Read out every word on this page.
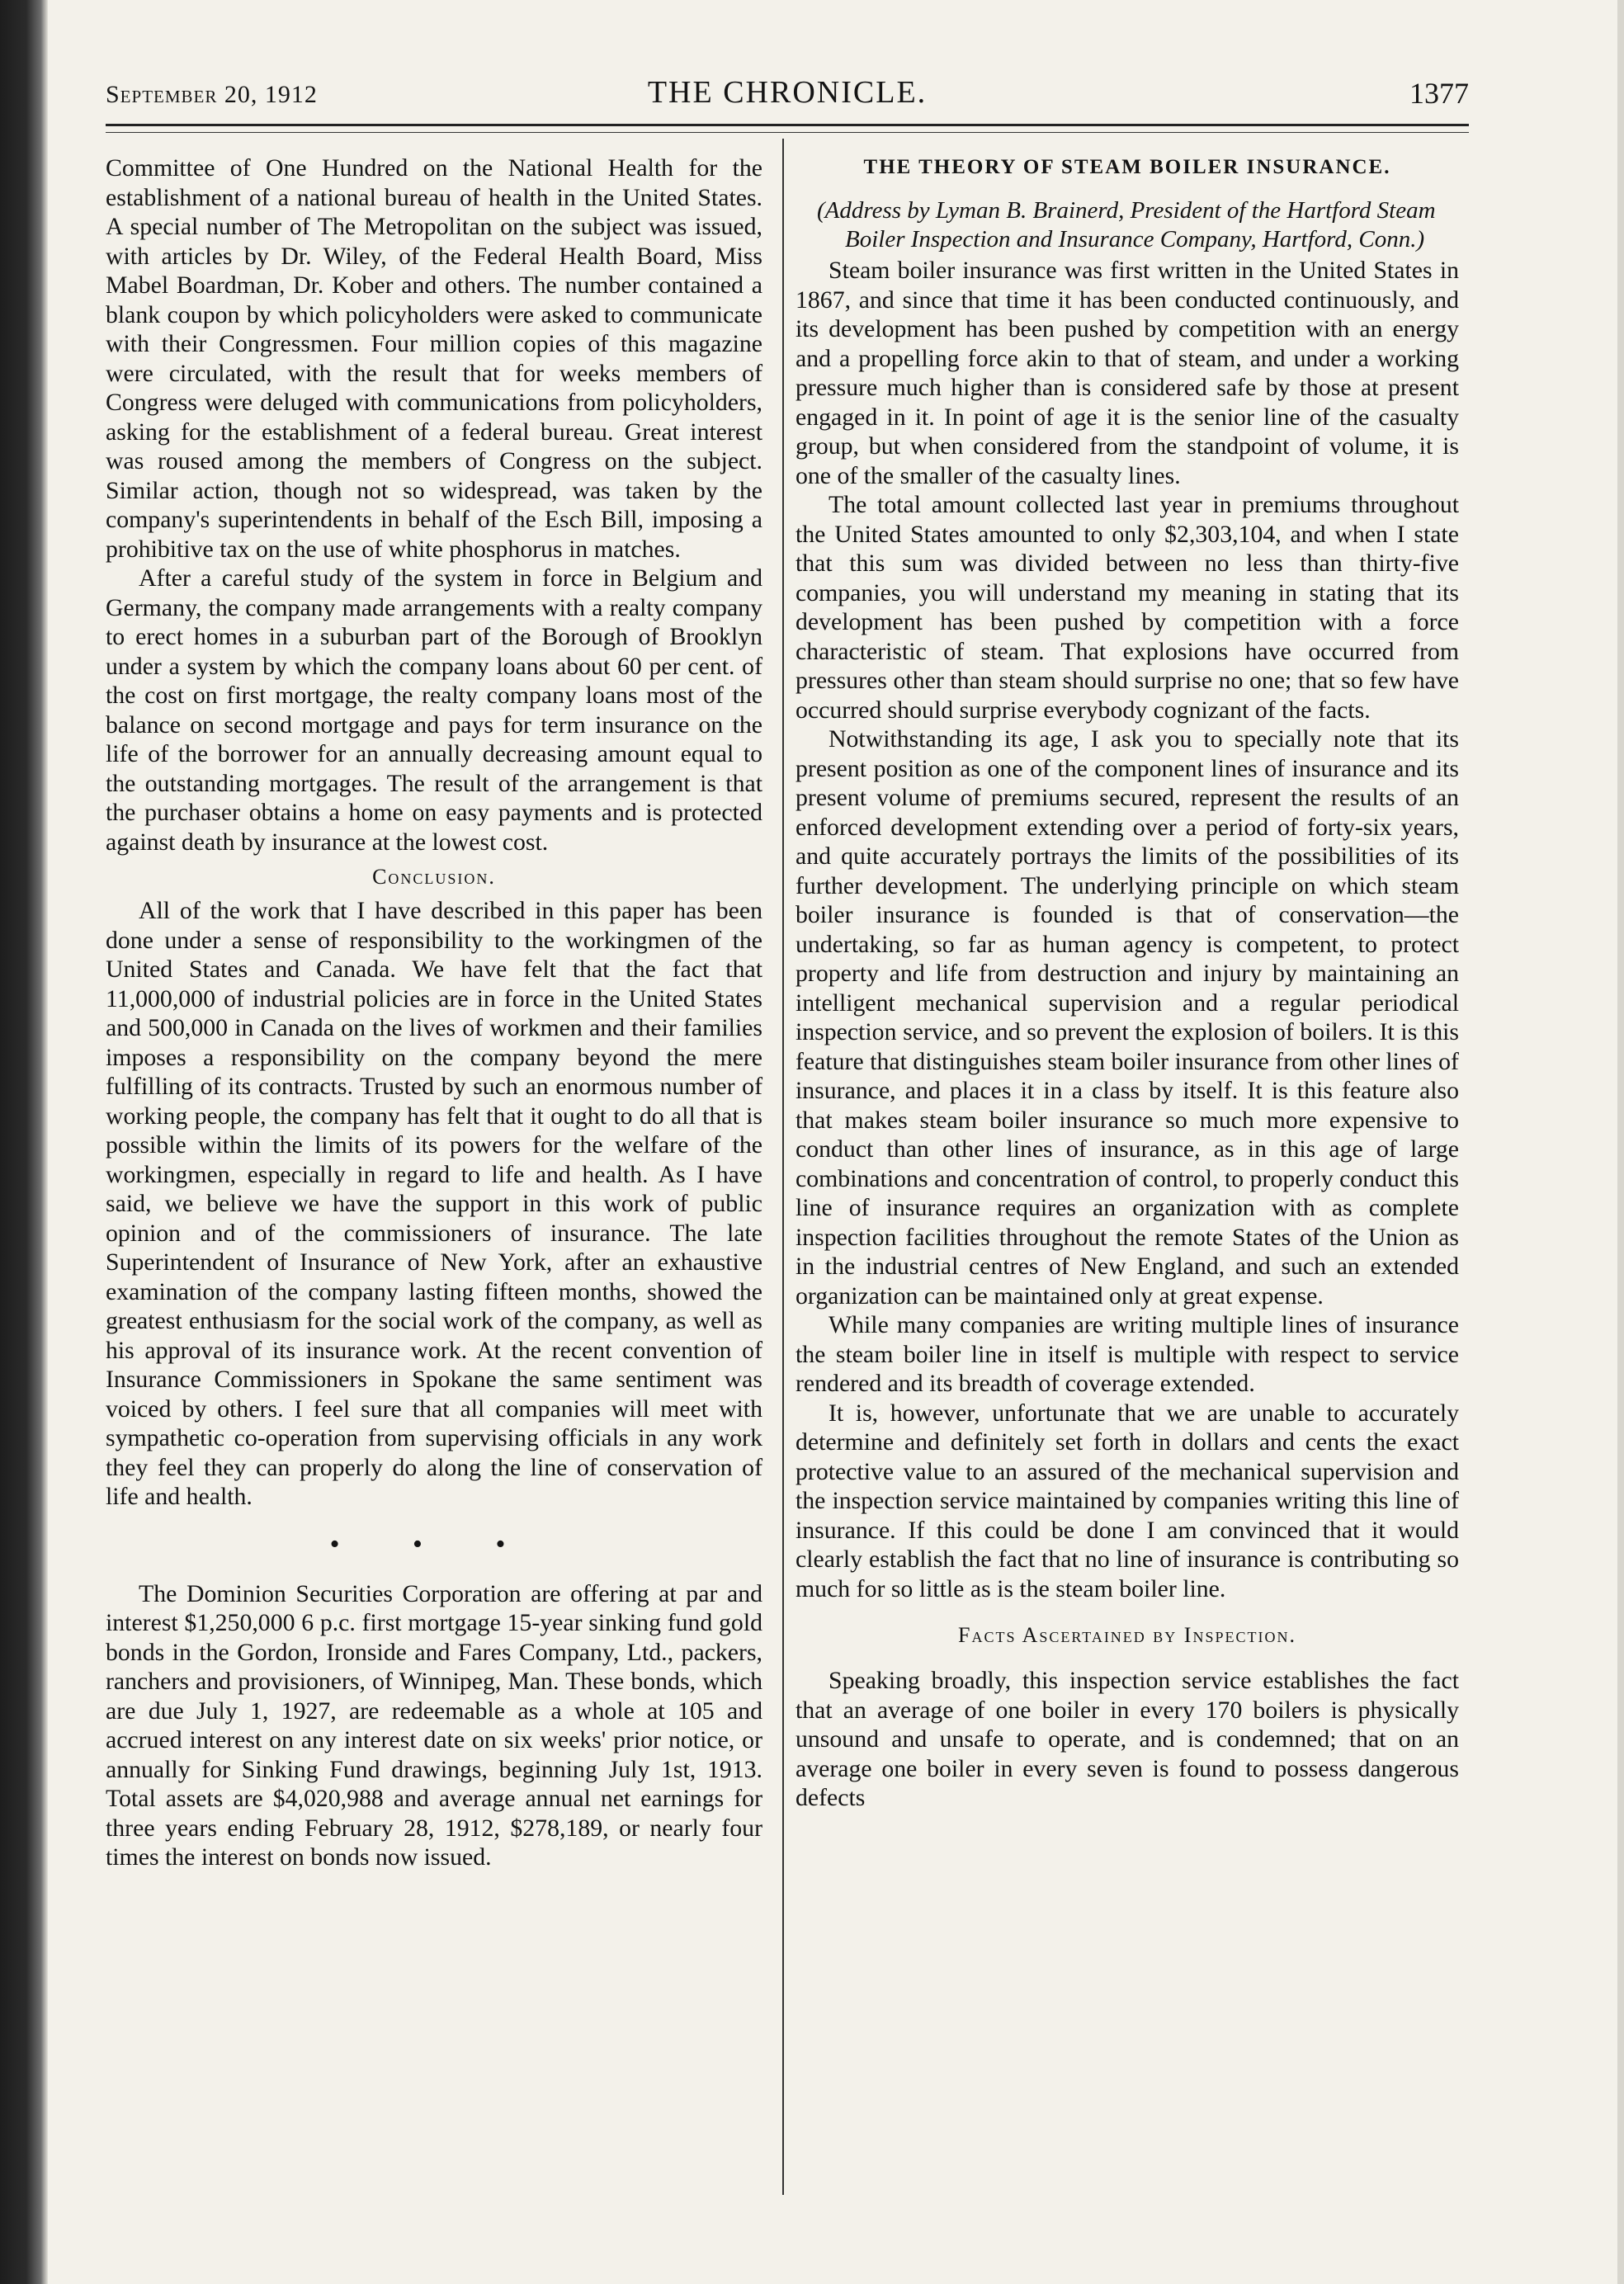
September 20, 1912	THE CHRONICLE.	1377

Committee of One Hundred on the National Health for the establishment of a national bureau of health in the United States. A special number of The Metropolitan on the subject was issued, with articles by Dr. Wiley, of the Federal Health Board, Miss Mabel Boardman, Dr. Kober and others. The number contained a blank coupon by which policyholders were asked to communicate with their Congressmen. Four million copies of this magazine were circulated, with the result that for weeks members of Congress were deluged with communications from policyholders, asking for the establishment of a federal bureau. Great interest was roused among the members of Congress on the subject. Similar action, though not so widespread, was taken by the company's superintendents in behalf of the Esch Bill, imposing a prohibitive tax on the use of white phosphorus in matches.

After a careful study of the system in force in Belgium and Germany, the company made arrangements with a realty company to erect homes in a suburban part of the Borough of Brooklyn under a system by which the company loans about 60 per cent. of the cost on first mortgage, the realty company loans most of the balance on second mortgage and pays for term insurance on the life of the borrower for an annually decreasing amount equal to the outstanding mortgages. The result of the arrangement is that the purchaser obtains a home on easy payments and is protected against death by insurance at the lowest cost.

Conclusion.

All of the work that I have described in this paper has been done under a sense of responsibility to the workingmen of the United States and Canada. We have felt that the fact that 11,000,000 of industrial policies are in force in the United States and 500,000 in Canada on the lives of workmen and their families imposes a responsibility on the company beyond the mere fulfilling of its contracts. Trusted by such an enormous number of working people, the company has felt that it ought to do all that is possible within the limits of its powers for the welfare of the workingmen, especially in regard to life and health. As I have said, we believe we have the support in this work of public opinion and of the commissioners of insurance. The late Superintendent of Insurance of New York, after an exhaustive examination of the company lasting fifteen months, showed the greatest enthusiasm for the social work of the company, as well as his approval of its insurance work. At the recent convention of Insurance Commissioners in Spokane the same sentiment was voiced by others. I feel sure that all companies will meet with sympathetic co-operation from supervising officials in any work they feel they can properly do along the line of conservation of life and health.

• • •

The Dominion Securities Corporation are offering at par and interest $1,250,000 6 p.c. first mortgage 15-year sinking fund gold bonds in the Gordon, Ironside and Fares Company, Ltd., packers, ranchers and provisioners, of Winnipeg, Man. These bonds, which are due July 1, 1927, are redeemable as a whole at 105 and accrued interest on any interest date on six weeks' prior notice, or annually for Sinking Fund drawings, beginning July 1st, 1913. Total assets are $4,020,988 and average annual net earnings for three years ending February 28, 1912, $278,189, or nearly four times the interest on bonds now issued.

THE THEORY OF STEAM BOILER INSURANCE.
(Address by Lyman B. Brainerd, President of the Hartford Steam Boiler Inspection and Insurance Company, Hartford, Conn.)

Steam boiler insurance was first written in the United States in 1867, and since that time it has been conducted continuously, and its development has been pushed by competition with an energy and a propelling force akin to that of steam, and under a working pressure much higher than is considered safe by those at present engaged in it. In point of age it is the senior line of the casualty group, but when considered from the standpoint of volume, it is one of the smaller of the casualty lines.

The total amount collected last year in premiums throughout the United States amounted to only $2,303,104, and when I state that this sum was divided between no less than thirty-five companies, you will understand my meaning in stating that its development has been pushed by competition with a force characteristic of steam. That explosions have occurred from pressures other than steam should surprise no one; that so few have occurred should surprise everybody cognizant of the facts.

Notwithstanding its age, I ask you to specially note that its present position as one of the component lines of insurance and its present volume of premiums secured, represent the results of an enforced development extending over a period of forty-six years, and quite accurately portrays the limits of the possibilities of its further development. The underlying principle on which steam boiler insurance is founded is that of conservation—the undertaking, so far as human agency is competent, to protect property and life from destruction and injury by maintaining an intelligent mechanical supervision and a regular periodical inspection service, and so prevent the explosion of boilers. It is this feature that distinguishes steam boiler insurance from other lines of insurance, and places it in a class by itself. It is this feature also that makes steam boiler insurance so much more expensive to conduct than other lines of insurance, as in this age of large combinations and concentration of control, to properly conduct this line of insurance requires an organization with as complete inspection facilities throughout the remote States of the Union as in the industrial centres of New England, and such an extended organization can be maintained only at great expense.

While many companies are writing multiple lines of insurance the steam boiler line in itself is multiple with respect to service rendered and its breadth of coverage extended.

It is, however, unfortunate that we are unable to accurately determine and definitely set forth in dollars and cents the exact protective value to an assured of the mechanical supervision and the inspection service maintained by companies writing this line of insurance. If this could be done I am convinced that it would clearly establish the fact that no line of insurance is contributing so much for so little as is the steam boiler line.

Facts Ascertained by Inspection.

Speaking broadly, this inspection service establishes the fact that an average of one boiler in every 170 boilers is physically unsound and unsafe to operate, and is condemned; that on an average one boiler in every seven is found to possess dangerous defects
